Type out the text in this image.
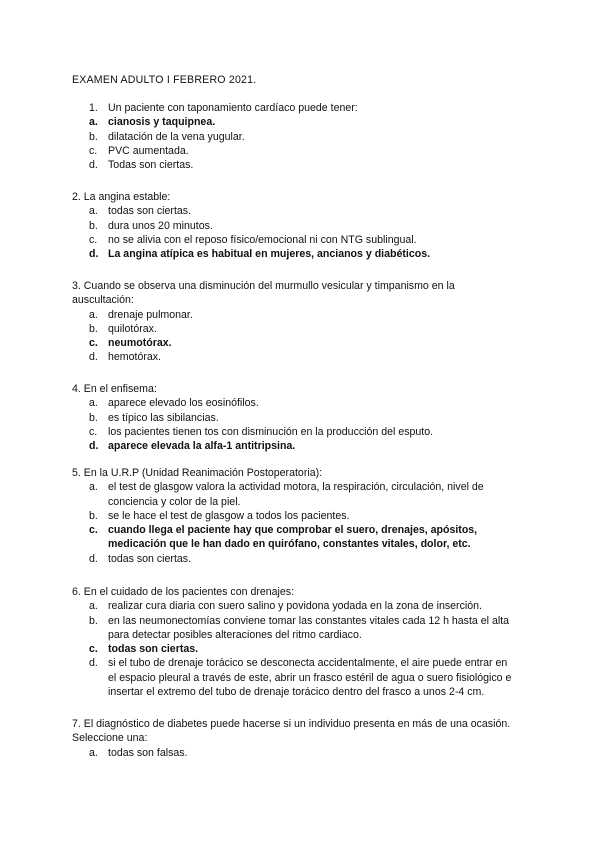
EXAMEN ADULTO I FEBRERO 2021.
1. Un paciente con taponamiento cardíaco puede tener:
a. cianosis y taquipnea.
b. dilatación de la vena yugular.
c. PVC aumentada.
d. Todas son ciertas.

2. La angina estable:

a. todas son ciertas.
b. dura unos 20 minutos.
c. no se alivia con el reposo físico/emocional ni con NTG sublingual.
d. La angina atípica es habitual en mujeres, ancianos y diabéticos.

3. Cuando se observa una disminución del murmullo vesicular y timpanismo en la auscultación:

a. drenaje pulmonar.
b. quilotórax.
c. neumotórax.
d. hemotórax.

4. En el enfisema:

a. aparece elevado los eosinófilos.
b. es típico las sibilancias.
c. los pacientes tienen tos con disminución en la producción del esputo.
d. aparece elevada la alfa-1 antitripsina.

5. En la U.R.P (Unidad Reanimación Postoperatoria):

a. el test de glasgow valora la actividad motora, la respiración, circulación, nivel de conciencia y color de la piel.
b. se le hace el test de glasgow a todos los pacientes.
c. cuando llega el paciente hay que comprobar el suero, drenajes, apósitos, medicación que le han dado en quirófano, constantes vitales, dolor, etc.
d. todas son ciertas.

6. En el cuidado de los pacientes con drenajes:

a. realizar cura diaria con suero salino y povidona yodada en la zona de inserción.
b. en las neumonectomías conviene tomar las constantes vitales cada 12 h hasta el alta para detectar posibles alteraciones del ritmo cardiaco.
c. todas son ciertas.
d. si el tubo de drenaje torácico se desconecta accidentalmente, el aire puede entrar en el espacio pleural a través de este, abrir un frasco estéril de agua o suero fisiológico e insertar el extremo del tubo de drenaje torácico dentro del frasco a unos 2-4 cm.

7. El diagnóstico de diabetes puede hacerse si un individuo presenta en más de una ocasión. Seleccione una:

a. todas son falsas.
